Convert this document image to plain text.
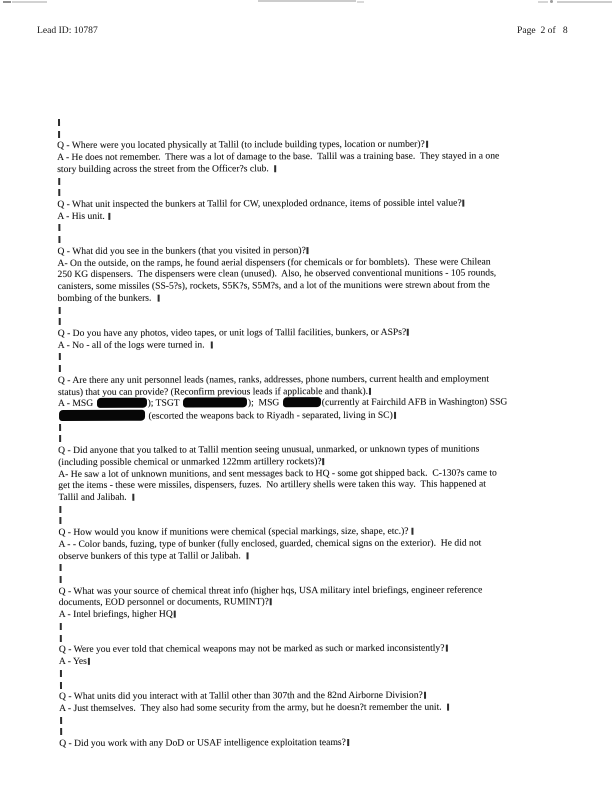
Lead ID: 10787	Page  2 of   8
Q - Where were you located physically at Tallil (to include building types, location or number)?
A - He does not remember.  There was a lot of damage to the base.  Tallil was a training base.  They stayed in a one
story building across the street from the Officer?s club.
Q - What unit inspected the bunkers at Tallil for CW, unexploded ordnance, items of possible intel value?
A - His unit.
Q - What did you see in the bunkers (that you visited in person)?
A- On the outside, on the ramps, he found aerial dispensers (for chemicals or for bomblets).  These were Chilean
250 KG dispensers.  The dispensers were clean (unused).  Also, he observed conventional munitions - 105 rounds,
canisters, some missiles (SS-5?s), rockets, S5K?s, S5M?s, and a lot of the munitions were strewn about from the
bombing of the bunkers.
Q - Do you have any photos, video tapes, or unit logs of Tallil facilities, bunkers, or ASPs?
A - No - all of the logs were turned in.
Q - Are there any unit personnel leads (names, ranks, addresses, phone numbers, current health and employment
status) that you can provide? (Reconfirm previous leads if applicable and thank).
A - MSG	); TSGT	);  MSG	(currently at Fairchild AFB in Washington) SSG
(escorted the weapons back to Riyadh - separated, living in SC)
Q - Did anyone that you talked to at Tallil mention seeing unusual, unmarked, or unknown types of munitions
(including possible chemical or unmarked 122mm artillery rockets)?
A- He saw a lot of unknown munitions, and sent messages back to HQ - some got shipped back.  C-130?s came to
get the items - these were missiles, dispensers, fuzes.  No artillery shells were taken this way.  This happened at
Tallil and Jalibah.
Q - How would you know if munitions were chemical (special markings, size, shape, etc.)?
A - - Color bands, fuzing, type of bunker (fully enclosed, guarded, chemical signs on the exterior).  He did not
observe bunkers of this type at Tallil or Jalibah.
Q - What was your source of chemical threat info (higher hqs, USA military intel briefings, engineer reference
documents, EOD personnel or documents, RUMINT)?
A - Intel briefings, higher HQ
Q - Were you ever told that chemical weapons may not be marked as such or marked inconsistently?
A - Yes
Q - What units did you interact with at Tallil other than 307th and the 82nd Airborne Division?
A - Just themselves.  They also had some security from the army, but he doesn?t remember the unit.
Q - Did you work with any DoD or USAF intelligence exploitation teams?
